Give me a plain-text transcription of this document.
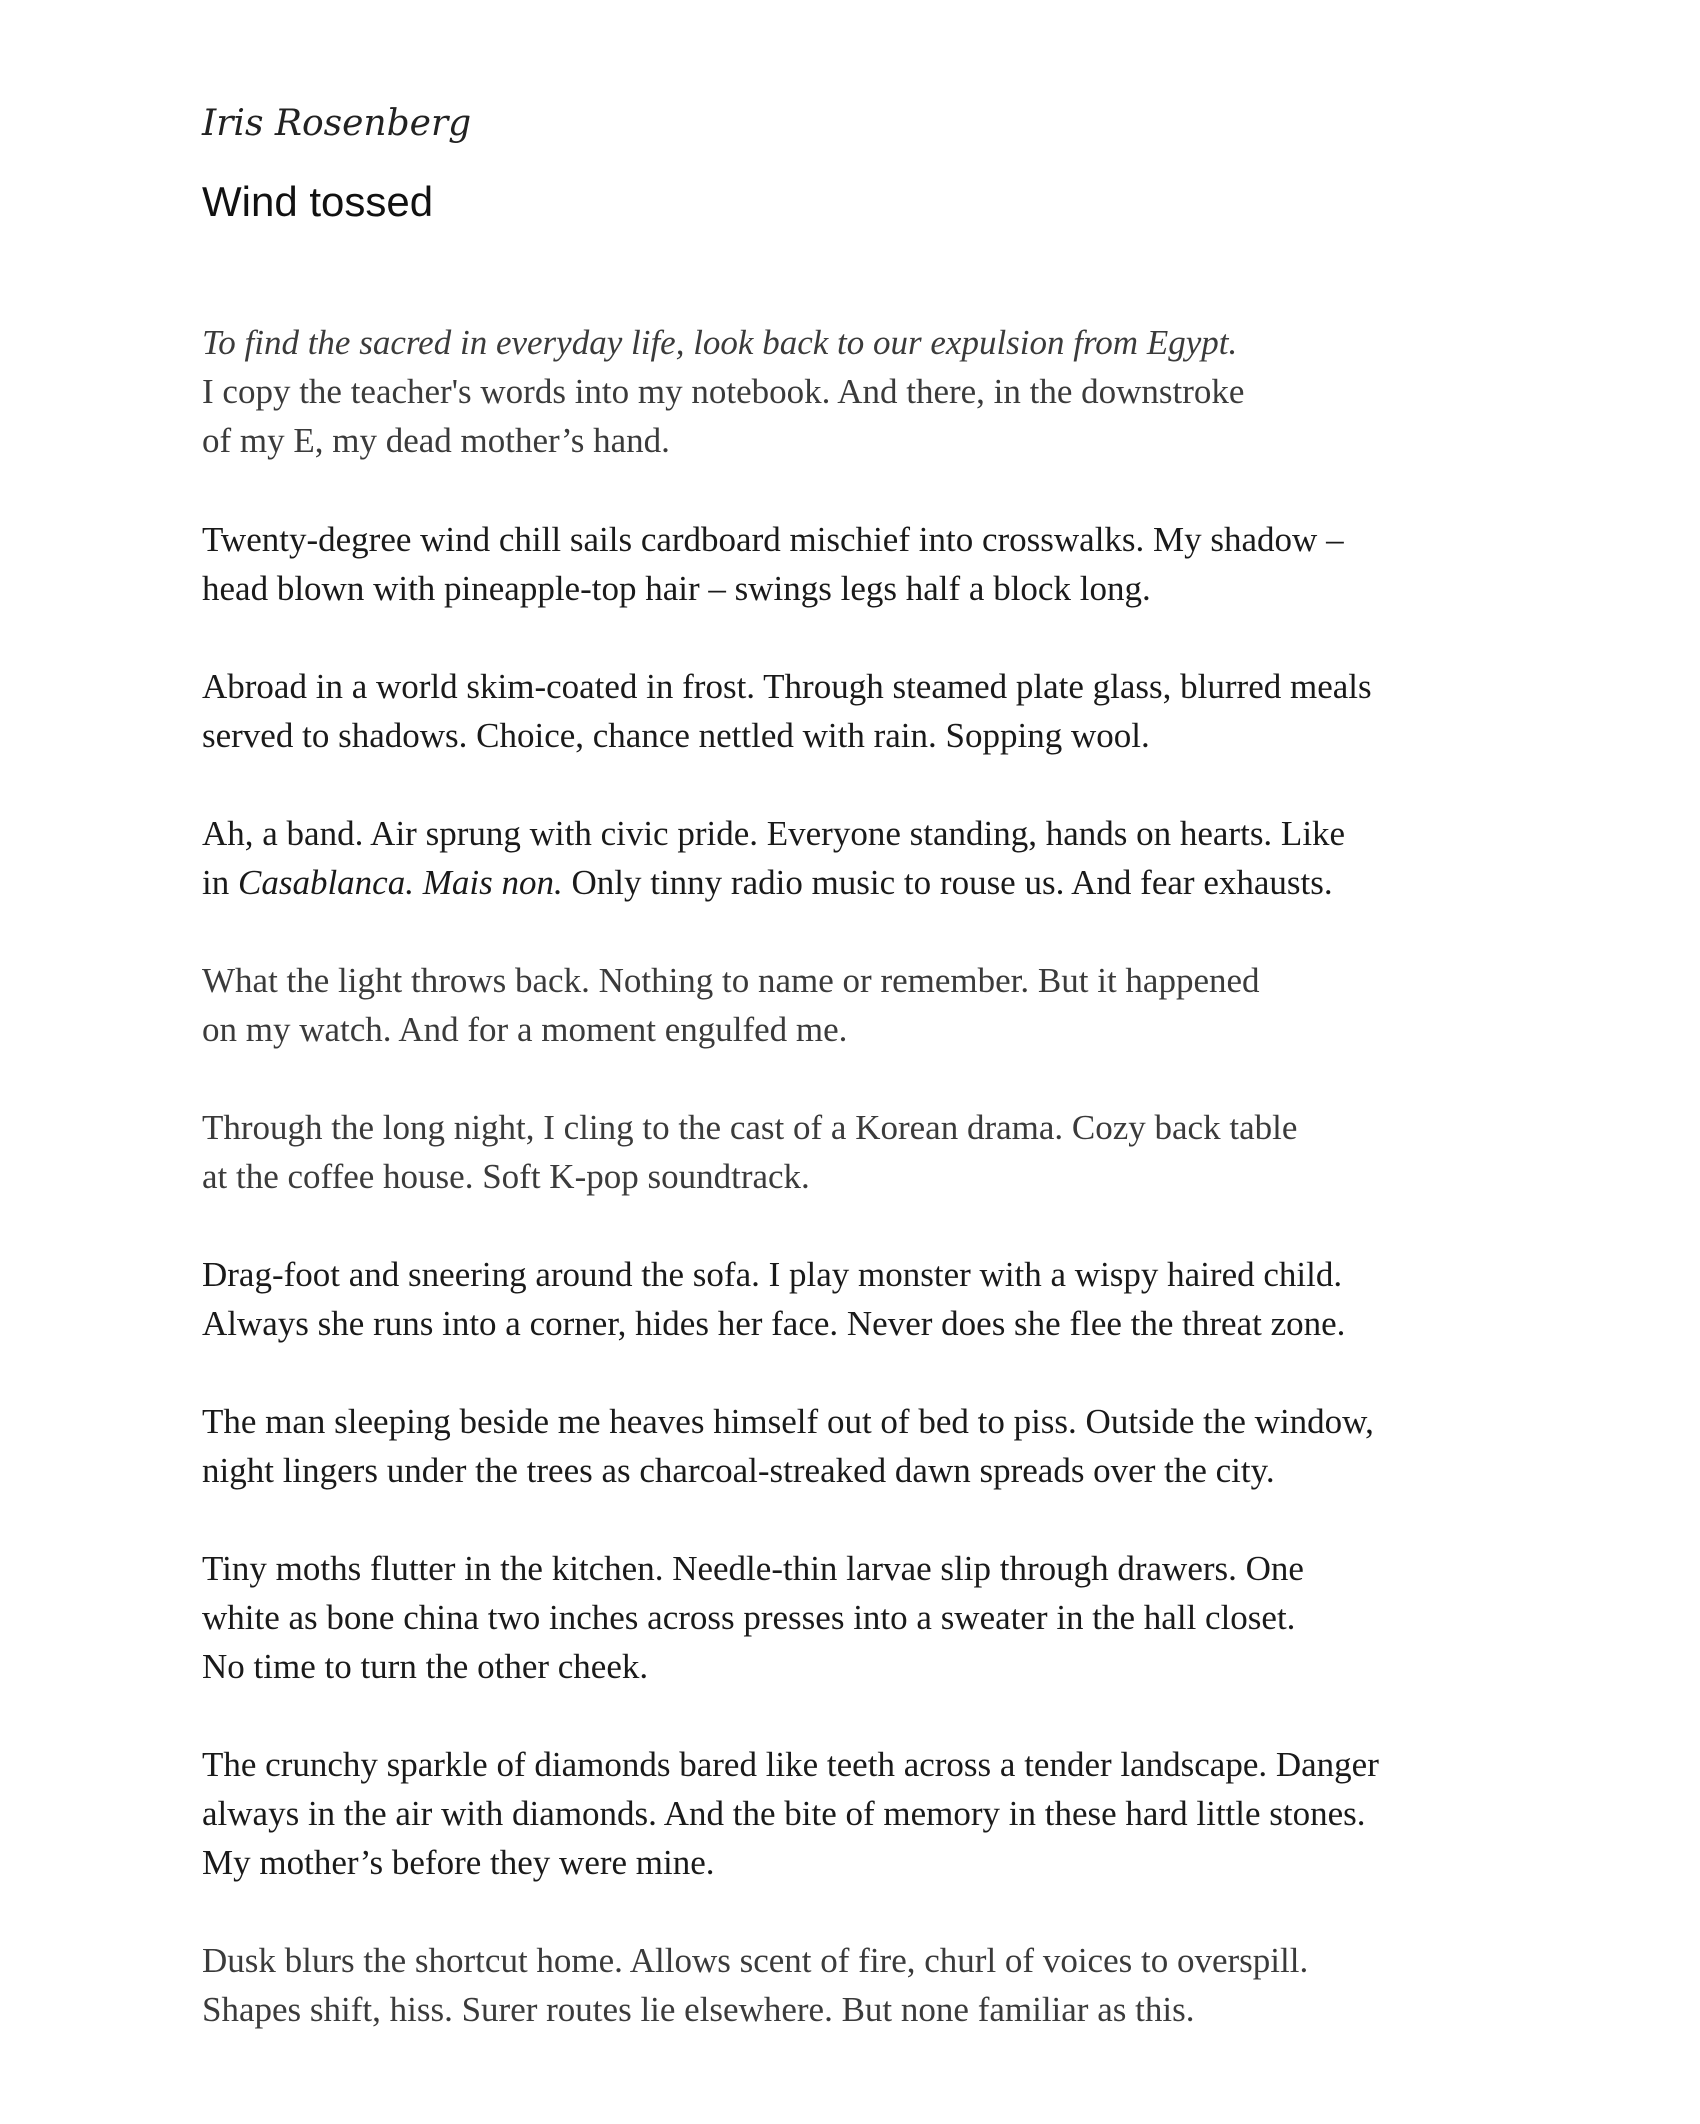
Iris Rosenberg
Wind tossed
To find the sacred in everyday life, look back to our expulsion from Egypt.
I copy the teacher's words into my notebook. And there, in the downstroke
of my E, my dead mother’s hand.
Twenty-degree wind chill sails cardboard mischief into crosswalks. My shadow –
head blown with pineapple-top hair – swings legs half a block long.
Abroad in a world skim-coated in frost. Through steamed plate glass, blurred meals
served to shadows. Choice, chance nettled with rain. Sopping wool.
Ah, a band. Air sprung with civic pride. Everyone standing, hands on hearts. Like
in Casablanca. Mais non. Only tinny radio music to rouse us. And fear exhausts.
What the light throws back. Nothing to name or remember. But it happened
on my watch. And for a moment engulfed me.
Through the long night, I cling to the cast of a Korean drama. Cozy back table
at the coffee house. Soft K-pop soundtrack.
Drag-foot and sneering around the sofa. I play monster with a wispy haired child.
Always she runs into a corner, hides her face. Never does she flee the threat zone.
The man sleeping beside me heaves himself out of bed to piss. Outside the window,
night lingers under the trees as charcoal-streaked dawn spreads over the city.
Tiny moths flutter in the kitchen. Needle-thin larvae slip through drawers. One
white as bone china two inches across presses into a sweater in the hall closet.
No time to turn the other cheek.
The crunchy sparkle of diamonds bared like teeth across a tender landscape. Danger
always in the air with diamonds. And the bite of memory in these hard little stones.
My mother’s before they were mine.
Dusk blurs the shortcut home. Allows scent of fire, churl of voices to overspill.
Shapes shift, hiss. Surer routes lie elsewhere. But none familiar as this.
